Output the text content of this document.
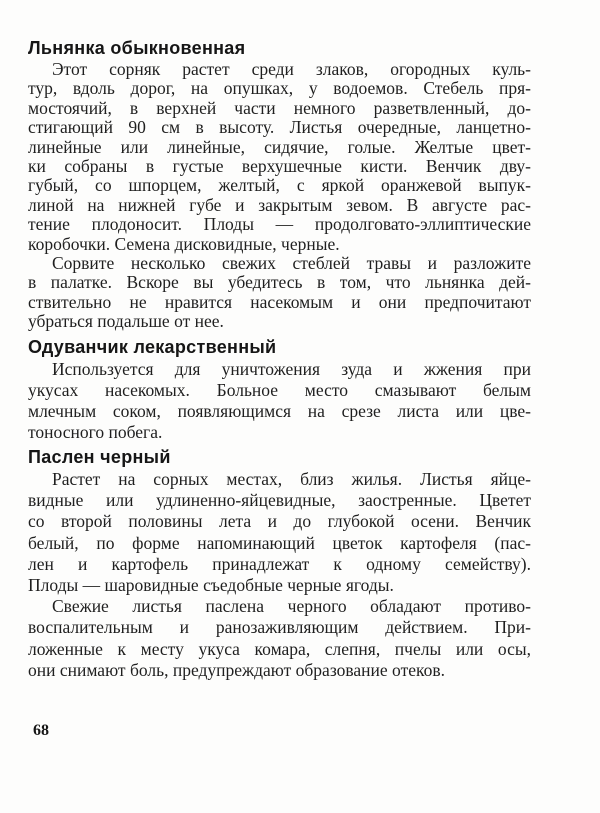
Льнянка обыкновенная
Этот сорняк растет среди злаков, огородных куль-
тур, вдоль дорог, на опушках, у водоемов. Стебель пря-
мостоячий, в верхней части немного разветвленный, до-
стигающий 90 см в высоту. Листья очередные, ланцетно-
линейные или линейные, сидячие, голые. Желтые цвет-
ки собраны в густые верхушечные кисти. Венчик дву-
губый, со шпорцем, желтый, с яркой оранжевой выпук-
линой на нижней губе и закрытым зевом. В августе рас-
тение плодоносит. Плоды — продолговато-эллиптические
коробочки. Семена дисковидные, черные.
Сорвите несколько свежих стеблей травы и разложите
в палатке. Вскоре вы убедитесь в том, что льнянка дей-
ствительно не нравится насекомым и они предпочитают
убраться подальше от нее.
Одуванчик лекарственный
Используется для уничтожения зуда и жжения при
укусах насекомых. Больное место смазывают белым
млечным соком, появляющимся на срезе листа или цве-
тоносного побега.
Паслен черный
Растет на сорных местах, близ жилья. Листья яйце-
видные или удлиненно-яйцевидные, заостренные. Цветет
со второй половины лета и до глубокой осени. Венчик
белый, по форме напоминающий цветок картофеля (пас-
лен и картофель принадлежат к одному семейству).
Плоды — шаровидные съедобные черные ягоды.
Свежие листья паслена черного обладают противо-
воспалительным и ранозаживляющим действием. При-
ложенные к месту укуса комара, слепня, пчелы или осы,
они снимают боль, предупреждают образование отеков.
68
